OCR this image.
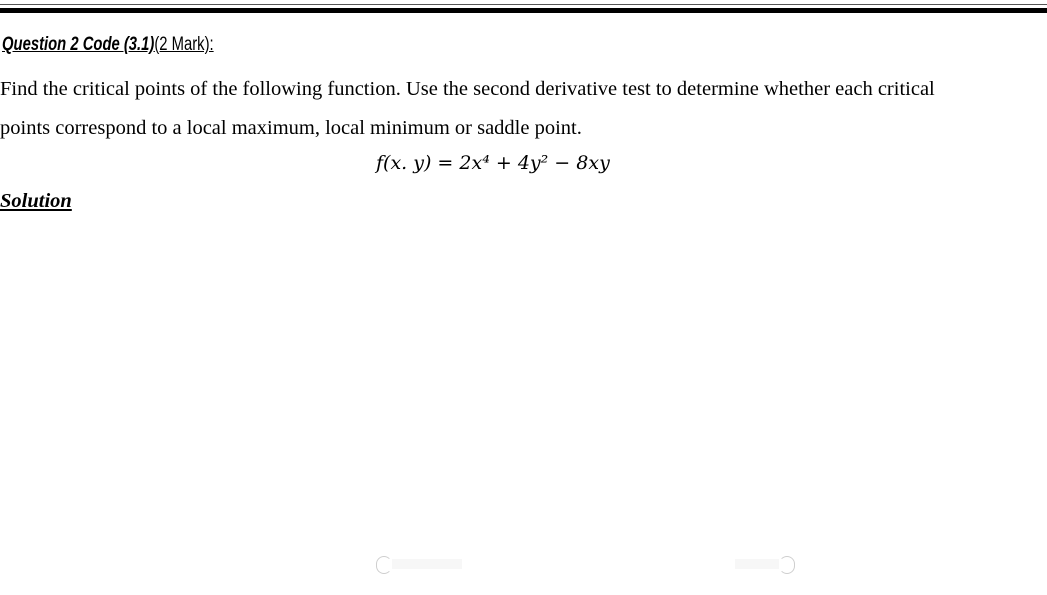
Question 2 Code (3.1)(2 Mark):
Find the critical points of the following function. Use the second derivative test to determine whether each critical
points correspond to a local maximum, local minimum or saddle point.
f(x. y) = 2x⁴ + 4y² − 8xy
Solution
